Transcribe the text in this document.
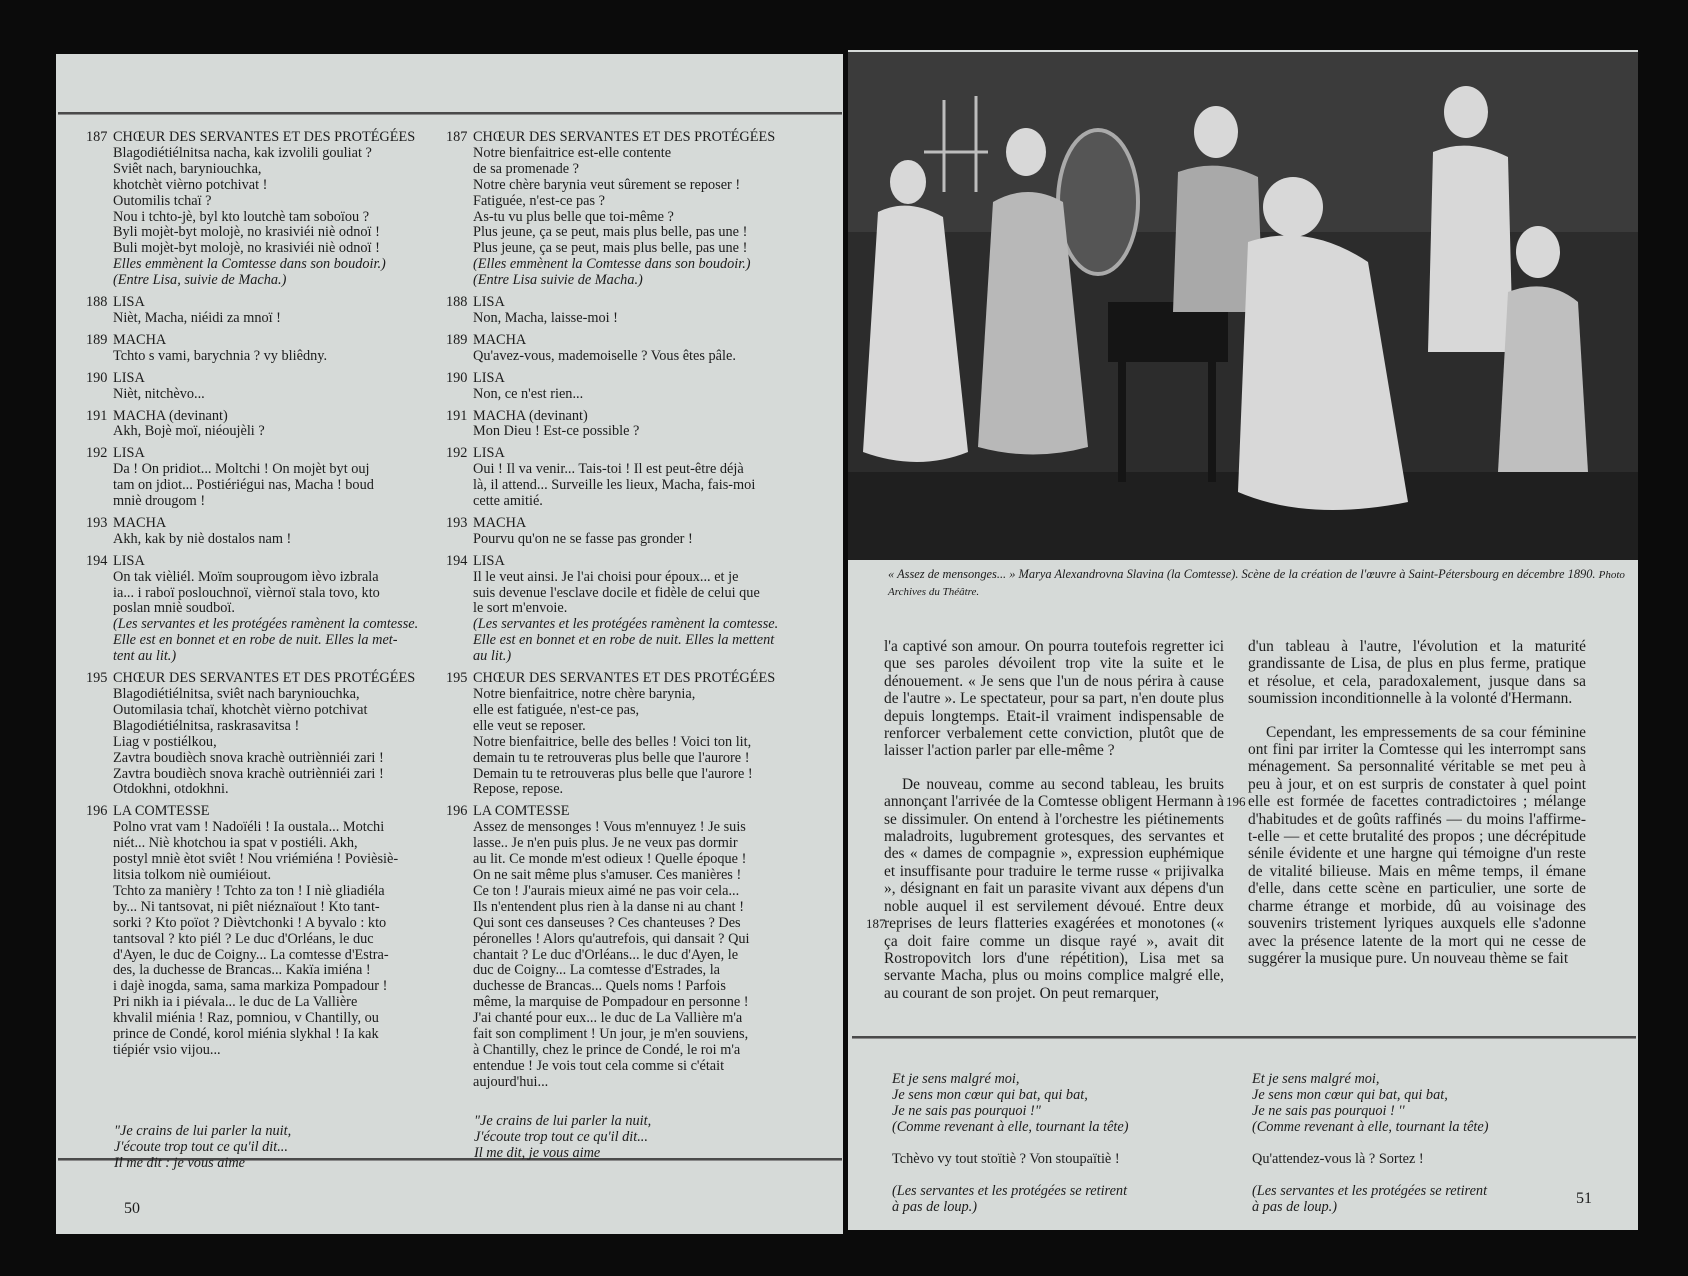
187 CHŒUR DES SERVANTES ET DES PROTÉGÉES
Blagodiétiélnitsa nacha, kak izvolili gouliat ?
Sviêt nach, barynіouchka,
khotchèt vièrno potchivat !
Outomilis tchaï ?
Nou i tchto-jè, byl kto loutchè tam soboïou ?
Byli mojèt-byt molojè, no krasiviéi niè odnoï !
Buli mojèt-byt molojè, no krasiviéi niè odnoï !
Elles emmènent la Comtesse dans son boudoir.)
(Entre Lisa, suivie de Macha.)
188 LISA
Nièt, Macha, niéidi za mnoï !
189 MACHA
Tchto s vami, barychnia ? vy bliêdny.
190 LISA
Nièt, nitchèvo...
191 MACHA (devinant)
Akh, Bojè moï, niéoujèli ?
192 LISA
Da ! On pridiot... Moltchi ! On mojèt byt ouj
tam on jdiot... Postiériégui nas, Macha ! boud
mniè drougom !
193 MACHA
Akh, kak by niè dostalos nam !
194 LISA
On tak vièliél. Moïm souprougom ièvo izbrala
ia... i raboï poslouchnoï, vièrnoï stala tovo, kto
poslan mniè soudboï.
(Les servantes et les protégées ramènent la comtesse.
Elle est en bonnet et en robe de nuit. Elles la met-
tent au lit.)
195 CHŒUR DES SERVANTES ET DES PROTÉGÉES
Blagodiétiélnitsa, sviêt nach barynіouchka,
Outomilasia tchaï, khotchèt vièrno potchivat
Blagodiétiélnitsa, raskrasavitsa !
Liag v postiélkou,
Zavtra boudièch snova krachè outriènniéi zari !
Zavtra boudièch snova krachè outriènniéi zari !
Otdokhni, otdokhni.
196 LA COMTESSE
Polno vrat vam ! Nadoïéli ! Ia oustala... Motchi
niét... Niè khotchou ia spat v postiéli. Akh,
postyl mniè ètot sviêt ! Nou vriémiéna ! Povièsiè-
litsia tolkom niè oumiéiout.
Tchto za manièry ! Tchto za ton ! I niè gliadiéla
by... Ni tantsovat, ni piêt niéznaïout ! Kto tant-
sorki ? Kto poïot ? Dièvtchonki ! A byvalo : kto
tantsoval ? kto piél ? Le duc d'Orléans, le duc
d'Ayen, le duc de Coigny... La comtesse d'Estra-
des, la duchesse de Brancas... Kakïa imiéna !
i dajè inogda, sama, sama markiza Pompadour !
Pri nikh ia i piévala... le duc de La Vallière
khvalil miénia ! Raz, pomniou, v Chantilly, ou
prince de Condé, korol miénia slykhal ! Ia kak
tiépiér vsio vijou...
187 CHŒUR DES SERVANTES ET DES PROTÉGÉES
Notre bienfaitrice est-elle contente
de sa promenade ?
Notre chère barynia veut sûrement se reposer !
Fatiguée, n'est-ce pas ?
As-tu vu plus belle que toi-même ?
Plus jeune, ça se peut, mais plus belle, pas une !
Plus jeune, ça se peut, mais plus belle, pas une !
(Elles emmènent la Comtesse dans son boudoir.)
(Entre Lisa suivie de Macha.)
188 LISA
Non, Macha, laisse-moi !
189 MACHA
Qu'avez-vous, mademoiselle ? Vous êtes pâle.
190 LISA
Non, ce n'est rien...
191 MACHA (devinant)
Mon Dieu ! Est-ce possible ?
192 LISA
Oui ! Il va venir... Tais-toi ! Il est peut-être déjà
là, il attend... Surveille les lieux, Macha, fais-moi
cette amitié.
193 MACHA
Pourvu qu'on ne se fasse pas gronder !
194 LISA
Il le veut ainsi. Je l'ai choisi pour époux... et je
suis devenue l'esclave docile et fidèle de celui que
le sort m'envoie.
(Les servantes et les protégées ramènent la comtesse.
Elle est en bonnet et en robe de nuit. Elles la mettent
au lit.)
195 CHŒUR DES SERVANTES ET DES PROTÉGÉES
Notre bienfaitrice, notre chère barynia,
elle est fatiguée, n'est-ce pas,
elle veut se reposer.
Notre bienfaitrice, belle des belles ! Voici ton lit,
demain tu te retrouveras plus belle que l'aurore !
Demain tu te retrouveras plus belle que l'aurore !
Repose, repose.
196 LA COMTESSE
Assez de mensonges ! Vous m'ennuyez ! Je suis
lasse.. Je n'en puis plus. Je ne veux pas dormir
au lit. Ce monde m'est odieux ! Quelle époque !
On ne sait même plus s'amuser. Ces manières !
Ce ton ! J'aurais mieux aimé ne pas voir cela...
Ils n'entendent plus rien à la danse ni au chant !
Qui sont ces danseuses ? Ces chanteuses ? Des
péronelles ! Alors qu'autrefois, qui dansait ? Qui
chantait ? Le duc d'Orléans... le duc d'Ayen, le
duc de Coigny... La comtesse d'Estrades, la
duchesse de Brancas... Quels noms ! Parfois
même, la marquise de Pompadour en personne !
J'ai chanté pour eux... le duc de La Vallière m'a
fait son compliment ! Un jour, je m'en souviens,
à Chantilly, chez le prince de Condé, le roi m'a
entendue ! Je vois tout cela comme si c'était
aujourd'hui...
"Je crains de lui parler la nuit,
J'écoute trop tout ce qu'il dit...
Il me dit : je vous aime
"Je crains de lui parler la nuit,
J'écoute trop tout ce qu'il dit...
Il me dit, je vous aime
50
« Assez de mensonges... » Marya Alexandrovna Slavina (la Comtesse). Scène de la création de l'œuvre à Saint-Pétersbourg en décembre 1890. Photo Archives du Théâtre.

l'a captivé son amour. On pourra toutefois regretter ici que ses paroles dévoilent trop vite la suite et le dénouement. « Je sens que l'un de nous périra à cause de l'autre ». Le spectateur, pour sa part, n'en doute plus depuis longtemps. Etait-il vraiment indispensable de renforcer verbalement cette conviction, plutôt que de laisser l'action parler par elle-même ?

De nouveau, comme au second tableau, les bruits annonçant l'arrivée de la Comtesse obligent Hermann à se dissimuler. On entend à l'orchestre les piétinements maladroits, lugubrement grotesques, des servantes et des « dames de compagnie », expression euphémique et insuffisante pour traduire le terme russe « prijivalka », désignant en fait un parasite vivant aux dépens d'un noble auquel il est servilement dévoué. Entre deux reprises de leurs flatteries exagérées et monotones (« ça doit faire comme un disque rayé », avait dit Rostropovitch lors d'une répétition), Lisa met sa servante Macha, plus ou moins complice malgré elle, au courant de son projet. On peut remarquer,

d'un tableau à l'autre, l'évolution et la maturité grandissante de Lisa, de plus en plus ferme, pratique et résolue, et cela, paradoxalement, jusque dans sa soumission inconditionnelle à la volonté d'Hermann.

Cependant, les empressements de sa cour féminine ont fini par irriter la Comtesse qui les interrompt sans ménagement. Sa personnalité véritable se met peu à peu à jour, et on est surpris de constater à quel point elle est formée de facettes contradictoires ; mélange d'habitudes et de goûts raffinés — du moins l'affirme-t-elle — et cette brutalité des propos ; une décrépitude sénile évidente et une hargne qui témoigne d'un reste de vitalité bilieuse. Mais en même temps, il émane d'elle, dans cette scène en particulier, une sorte de charme étrange et morbide, dû au voisinage des souvenirs tristement lyriques auxquels elle s'adonne avec la présence latente de la mort qui ne cesse de suggérer la musique pure. Un nouveau thème se fait

196
187

Et je sens malgré moi,
Je sens mon cœur qui bat, qui bat,
Je ne sais pas pourquoi !"
(Comme revenant à elle, tournant la tête)

Tchèvo vy tout stoïtiè ? Von stoupaïtiè !

(Les servantes et les protégées se retirent
à pas de loup.)

Et je sens malgré moi,
Je sens mon cœur qui bat, qui bat,
Je ne sais pas pourquoi ! ''
(Comme revenant à elle, tournant la tête)

Qu'attendez-vous là ? Sortez !

(Les servantes et les protégées se retirent
à pas de loup.)	51
